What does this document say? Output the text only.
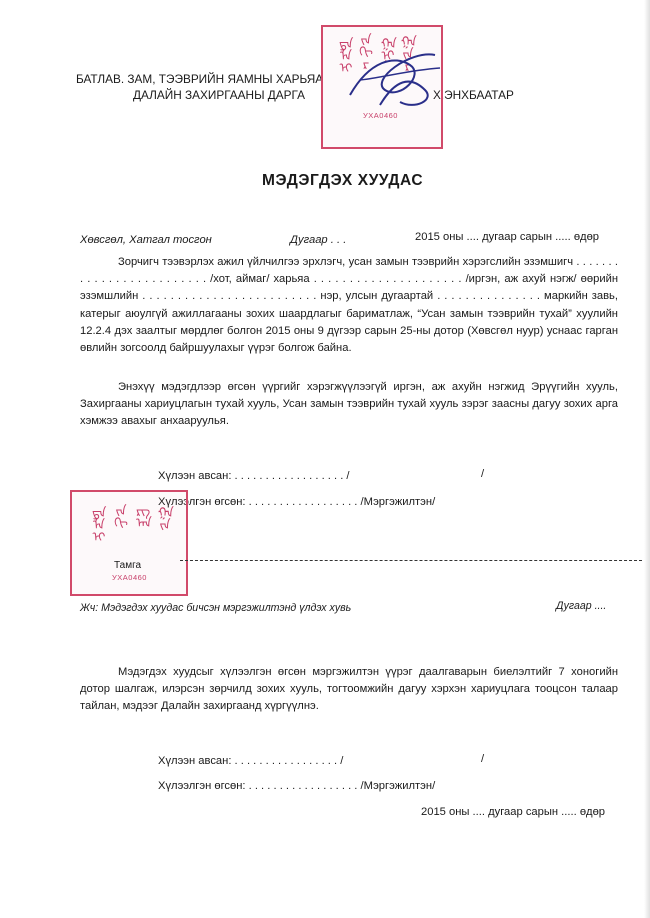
БАТЛАВ. ЗАМ, ТЭЭВРИЙН ЯАМНЫ ХАРЬЯА
ДАЛАЙН ЗАХИРГААНЫ ДАРГА	Х.ЭНХБААТАР
ᠳᠠ
ᠯᠠ
ᠢ
ᠵᠠ
ᠬᠢ
ᠷ
ᠭᠠ
ᠨᠢ
ᠭᠠ
ᠵᠠ
ᠷ
УХА0460
МЭДЭГДЭХ ХУУДАС
Хөвсгөл, Хатгал тосгон	Дугаар . . .	2015 оны .... дугаар сарын ..... өдөр
Зорчигч тээвэрлэх ажил үйлчилгээ эрхлэгч, усан замын тээврийн хэрэгслийн эзэмшигч . . . . . . . . . . . . . . . . . . . . . . . . . /хот, аймаг/ харьяа . . . . . . . . . . . . . . . . . . . . . /иргэн, аж ахуй нэгж/ өөрийн эзэмшлийн . . . . . . . . . . . . . . . . . . . . . . . . . нэр, улсын дугаартай . . . . . . . . . . . . . . . маркийн завь, катерыг аюулгүй ажиллагааны зохих шаардлагыг бариматлаж, “Усан замын тээврийн тухай” хуулийн 12.2.4 дэх заалтыг мөрдлөг болгон 2015 оны 9 дүгээр сарын 25-ны дотор (Хөвсгөл нуур) уснаас гарган өвлийн зогсоолд байршуулахыг үүрэг болгож байна.
Энэхүү мэдэгдлээр өгсөн үүргийг хэрэгжүүлээгүй иргэн, аж ахуйн нэгжид Эрүүгийн хууль, Захиргааны хариуцлагын тухай хууль, Усан замын тээврийн тухай хууль зэрэг заасны дагуу зохих арга хэмжээ авахыг анхааруулья.
Хүлээн авсан: . . . . . . . . . . . . . . . . . . /	/
Хүлээлгэн өгсөн: . . . . . . . . . . . . . . . . . . /Мэргэжилтэн/
ᠳᠠ
ᠯᠠ
ᠢ
ᠵᠠ
ᠬᠢ
ᠷᠭ
ᠠᠨ
ᠭᠠ
ᠵᠠ
Тамга
УХА0460
Жч: Мэдэгдэх хуудас бичсэн мэргэжилтэнд үлдэх хувь	Дугаар ....
Мэдэгдэх хуудсыг хүлээлгэн өгсөн мэргэжилтэн үүрэг даалгаварын биелэлтийг 7 хоногийн дотор шалгаж, илэрсэн зөрчилд зохих хууль, тогтоомжийн дагуу хэрхэн хариуцлага тооцсон талаар тайлан, мэдээг Далайн захиргаанд хүргүүлнэ.
Хүлээн авсан: . . . . . . . . . . . . . . . . . /	/
Хүлээлгэн өгсөн: . . . . . . . . . . . . . . . . . . /Мэргэжилтэн/
2015 оны .... дугаар сарын ..... өдөр
